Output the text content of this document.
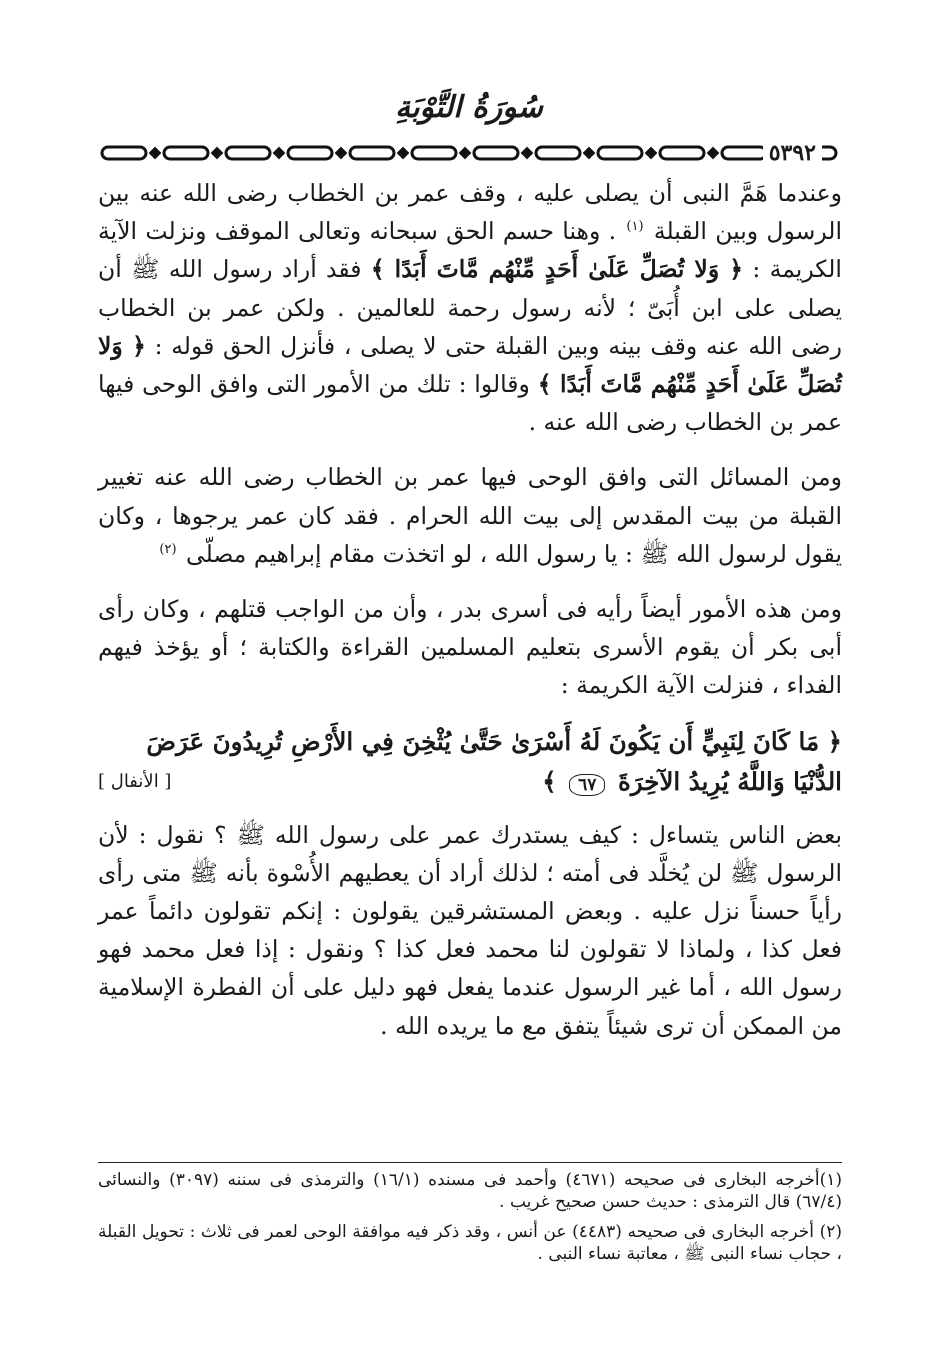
سُورَةُ التَّوْبَةِ
٥٣٩٢

وعندما هَمَّ النبى أن يصلى عليه ، وقف عمر بن الخطاب رضى الله عنه بين الرسول وبين القبلة $^{(١)}$ . وهنا حسم الحق سبحانه وتعالى الموقف ونزلت الآية الكريمة : ﴿ وَلا تُصَلِّ عَلَىٰ أَحَدٍ مِّنْهُم مَّاتَ أَبَدًا ﴾ فقد أراد رسول الله ﷺ أن يصلى على ابن أُبَىّ ؛ لأنه رسول رحمة للعالمين . ولكن عمر بن الخطاب رضى الله عنه وقف بينه وبين القبلة حتى لا يصلى ، فأنزل الحق قوله : ﴿ وَلا تُصَلِّ عَلَىٰ أَحَدٍ مِّنْهُم مَّاتَ أَبَدًا ﴾ وقالوا : تلك من الأمور التى وافق الوحى فيها عمر بن الخطاب رضى الله عنه .

ومن المسائل التى وافق الوحى فيها عمر بن الخطاب رضى الله عنه تغيير القبلة من بيت المقدس إلى بيت الله الحرام . فقد كان عمر يرجوها ، وكان يقول لرسول الله ﷺ : يا رسول الله ، لو اتخذت مقام إبراهيم مصلّى $^{(٢)}$

ومن هذه الأمور أيضاً رأيه فى أسرى بدر ، وأن من الواجب قتلهم ، وكان رأى أبى بكر أن يقوم الأسرى بتعليم المسلمين القراءة والكتابة ؛ أو يؤخذ فيهم الفداء ، فنزلت الآية الكريمة :

﴿ مَا كَانَ لِنَبِيٍّ أَن يَكُونَ لَهُ أَسْرَىٰ حَتَّىٰ يُثْخِنَ فِي الأَرْضِ تُرِيدُونَ عَرَضَ
الدُّنْيَا وَاللَّهُ يُرِيدُ الآخِرَةَ ٦٧ ﴾
[ الأنفال ]

بعض الناس يتساءل : كيف يستدرك عمر على رسول الله ﷺ ؟ نقول : لأن الرسول ﷺ لن يُخلَّد فى أمته ؛ لذلك أراد أن يعطيهم الأُسْوة بأنه ﷺ متى رأى رأياً حسناً نزل عليه . وبعض المستشرقين يقولون : إنكم تقولون دائماً عمر فعل كذا ، ولماذا لا تقولون لنا محمد فعل كذا ؟ ونقول : إذا فعل محمد فهو رسول الله ، أما غير الرسول عندما يفعل فهو دليل على أن الفطرة الإسلامية من الممكن أن ترى شيئاً يتفق مع ما يريده الله .

(١)أخرجه البخارى فى صحيحه (٤٦٧١) وأحمد فى مسنده (١٦/١) والترمذى فى سننه (٣٠٩٧) والنسائى (٦٧/٤) قال الترمذى : حديث حسن صحيح غريب .

(٢) أخرجه البخارى فى صحيحه (٤٤٨٣) عن أنس ، وقد ذكر فيه موافقة الوحى لعمر فى ثلاث : تحويل القبلة ، حجاب نساء النبى ﷺ ، معاتبة نساء النبى .
